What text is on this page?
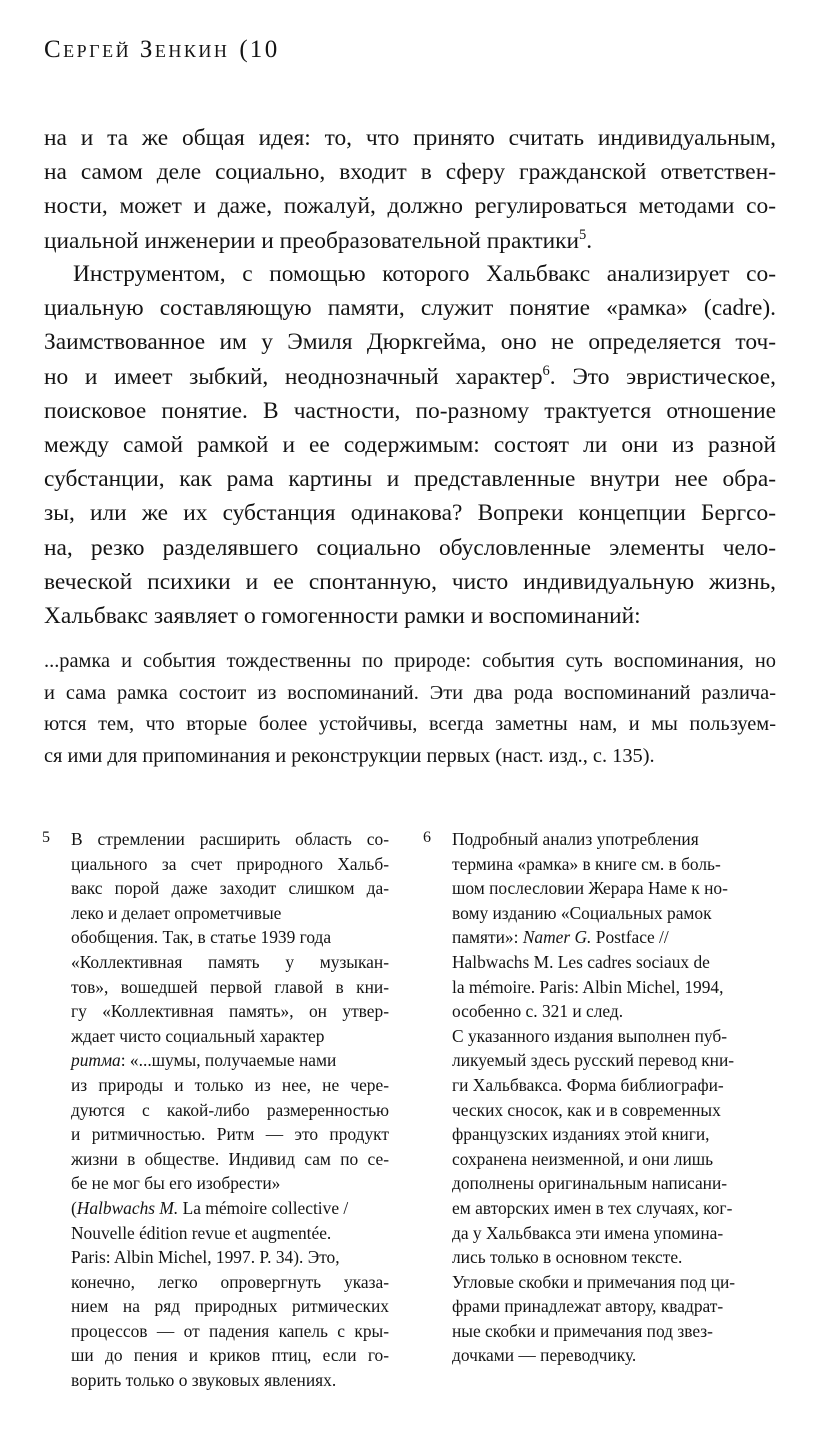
Сергей Зенкин (10
на и та же общая идея: то, что принято считать индивидуальным,
на самом деле социально, входит в сферу гражданской ответствен-
ности, может и даже, пожалуй, должно регулироваться методами со-
циальной инженерии и преобразовательной практики$^5$.
Инструментом, с помощью которого Хальбвакс анализирует со-
циальную составляющую памяти, служит понятие «рамка» (cadre).
Заимствованное им у Эмиля Дюркгейма, оно не определяется точ-
но и имеет зыбкий, неоднозначный характер$^6$. Это эвристическое,
поисковое понятие. В частности, по-разному трактуется отношение
между самой рамкой и ее содержимым: состоят ли они из разной
субстанции, как рама картины и представленные внутри нее обра-
зы, или же их субстанция одинакова? Вопреки концепции Бергсо-
на, резко разделявшего социально обусловленные элементы чело-
веческой психики и ее спонтанную, чисто индивидуальную жизнь,
Хальбвакс заявляет о гомогенности рамки и воспоминаний:
...рамка и события тождественны по природе: события суть воспоминания, но
и сама рамка состоит из воспоминаний. Эти два рода воспоминаний различа-
ются тем, что вторые более устойчивы, всегда заметны нам, и мы пользуем-
ся ими для припоминания и реконструкции первых (наст. изд., с. 135).
5 В стремлении расширить область со-
циального за счет природного Хальб-
вакс порой даже заходит слишком да-
леко и делает опрометчивые
обобщения. Так, в статье 1939 года
«Коллективная память у музыкан-
тов», вошедшей первой главой в кни-
гу «Коллективная память», он утвер-
ждает чисто социальный характер
ритма: «...шумы, получаемые нами
из природы и только из нее, не чере-
дуются с какой-либо размеренностью
и ритмичностью. Ритм — это продукт
жизни в обществе. Индивид сам по се-
бе не мог бы его изобрести»
(Halbwachs M. La mémoire collective /
Nouvelle édition revue et augmentée.
Paris: Albin Michel, 1997. P. 34). Это,
конечно, легко опровергнуть указа-
нием на ряд природных ритмических
процессов — от падения капель с кры-
ши до пения и криков птиц, если го-
ворить только о звуковых явлениях.
6 Подробный анализ употребления
термина «рамка» в книге см. в боль-
шом послесловии Жерара Наме к но-
вому изданию «Социальных рамок
памяти»: Namer G. Postface //
Halbwachs M. Les cadres sociaux de
la mémoire. Paris: Albin Michel, 1994,
особенно с. 321 и след.
С указанного издания выполнен пуб-
ликуемый здесь русский перевод кни-
ги Хальбвакса. Форма библиографи-
ческих сносок, как и в современных
французских изданиях этой книги,
сохранена неизменной, и они лишь
дополнены оригинальным написани-
ем авторских имен в тех случаях, ког-
да у Хальбвакса эти имена упомина-
лись только в основном тексте.
Угловые скобки и примечания под ци-
фрами принадлежат автору, квадрат-
ные скобки и примечания под звез-
дочками — переводчику.
